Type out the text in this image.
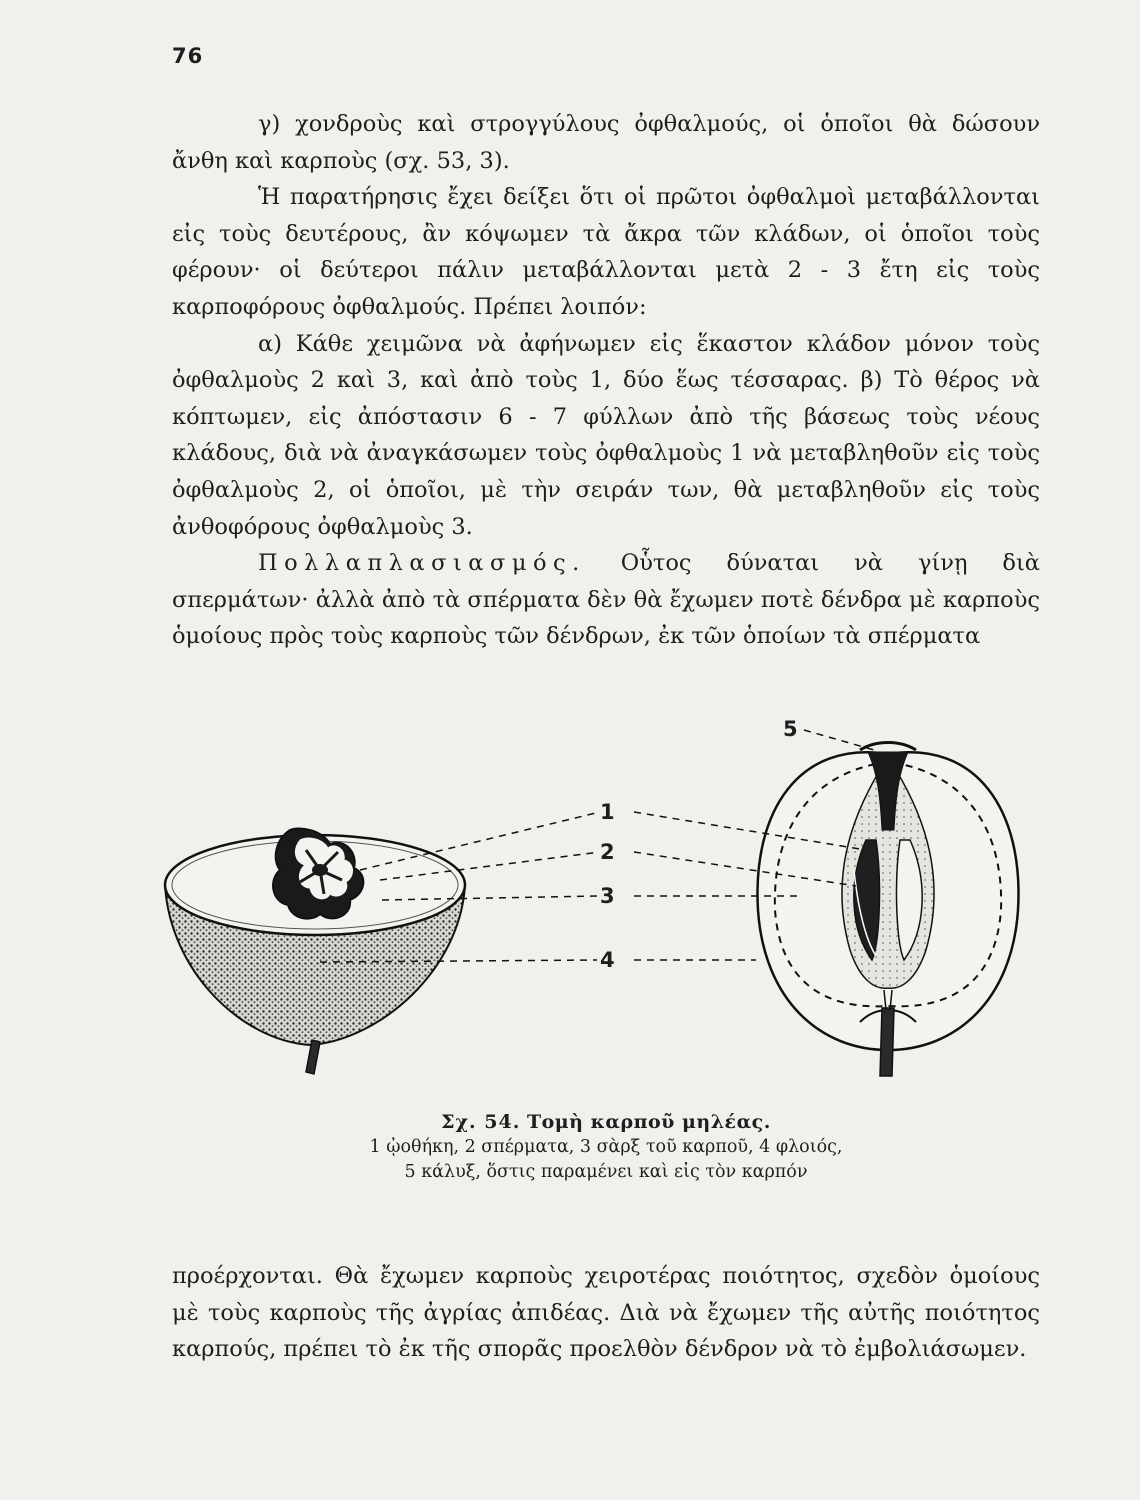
76

γ) χονδροὺς καὶ στρογγύλους ὀφθαλμούς, οἱ ὁποῖοι θὰ δώσουν ἄνθη καὶ καρποὺς (σχ. 53, 3).

Ἡ παρατήρησις ἔχει δείξει ὅτι οἱ πρῶτοι ὀφθαλμοὶ μεταβάλλονται εἰς τοὺς δευτέρους, ἂν κόψωμεν τὰ ἄκρα τῶν κλάδων, οἱ ὁποῖοι τοὺς φέρουν· οἱ δεύτεροι πάλιν μεταβάλλονται μετὰ 2 - 3 ἔτη εἰς τοὺς καρποφόρους ὀφθαλμούς. Πρέπει λοιπόν:

α) Κάθε χειμῶνα νὰ ἀφήνωμεν εἰς ἕκαστον κλάδον μόνον τοὺς ὀφθαλμοὺς 2 καὶ 3, καὶ ἀπὸ τοὺς 1, δύο ἕως τέσσαρας. β) Τὸ θέρος νὰ κόπτωμεν, εἰς ἀπόστασιν 6 - 7 φύλλων ἀπὸ τῆς βάσεως τοὺς νέους κλάδους, διὰ νὰ ἀναγκάσωμεν τοὺς ὀφθαλμοὺς 1 νὰ μεταβληθοῦν εἰς τοὺς ὀφθαλμοὺς 2, οἱ ὁποῖοι, μὲ τὴν σειράν των, θὰ μεταβληθοῦν εἰς τοὺς ἀνθοφόρους ὀφθαλμοὺς 3.

Πολλαπλασιασμός. Οὗτος δύναται νὰ γίνῃ διὰ σπερμάτων· ἀλλὰ ἀπὸ τὰ σπέρματα δὲν θὰ ἔχωμεν ποτὲ δένδρα μὲ καρποὺς ὁμοίους πρὸς τοὺς καρποὺς τῶν δένδρων, ἐκ τῶν ὁποίων τὰ σπέρματα

1
2
3
4
5
Σχ. 54. Τομὴ καρποῦ μηλέας.
1 ᾠοθήκη, 2 σπέρματα, 3 σὰρξ τοῦ καρποῦ, 4 φλοιός,
5 κάλυξ, ὅστις παραμένει καὶ εἰς τὸν καρπόν

προέρχονται. Θὰ ἔχωμεν καρποὺς χειροτέρας ποιότητος, σχεδὸν ὁμοίους μὲ τοὺς καρποὺς τῆς ἀγρίας ἀπιδέας. Διὰ νὰ ἔχωμεν τῆς αὐτῆς ποιότητος καρπούς, πρέπει τὸ ἐκ τῆς σπορᾶς προελθὸν δένδρον νὰ τὸ ἐμβολιάσωμεν.
